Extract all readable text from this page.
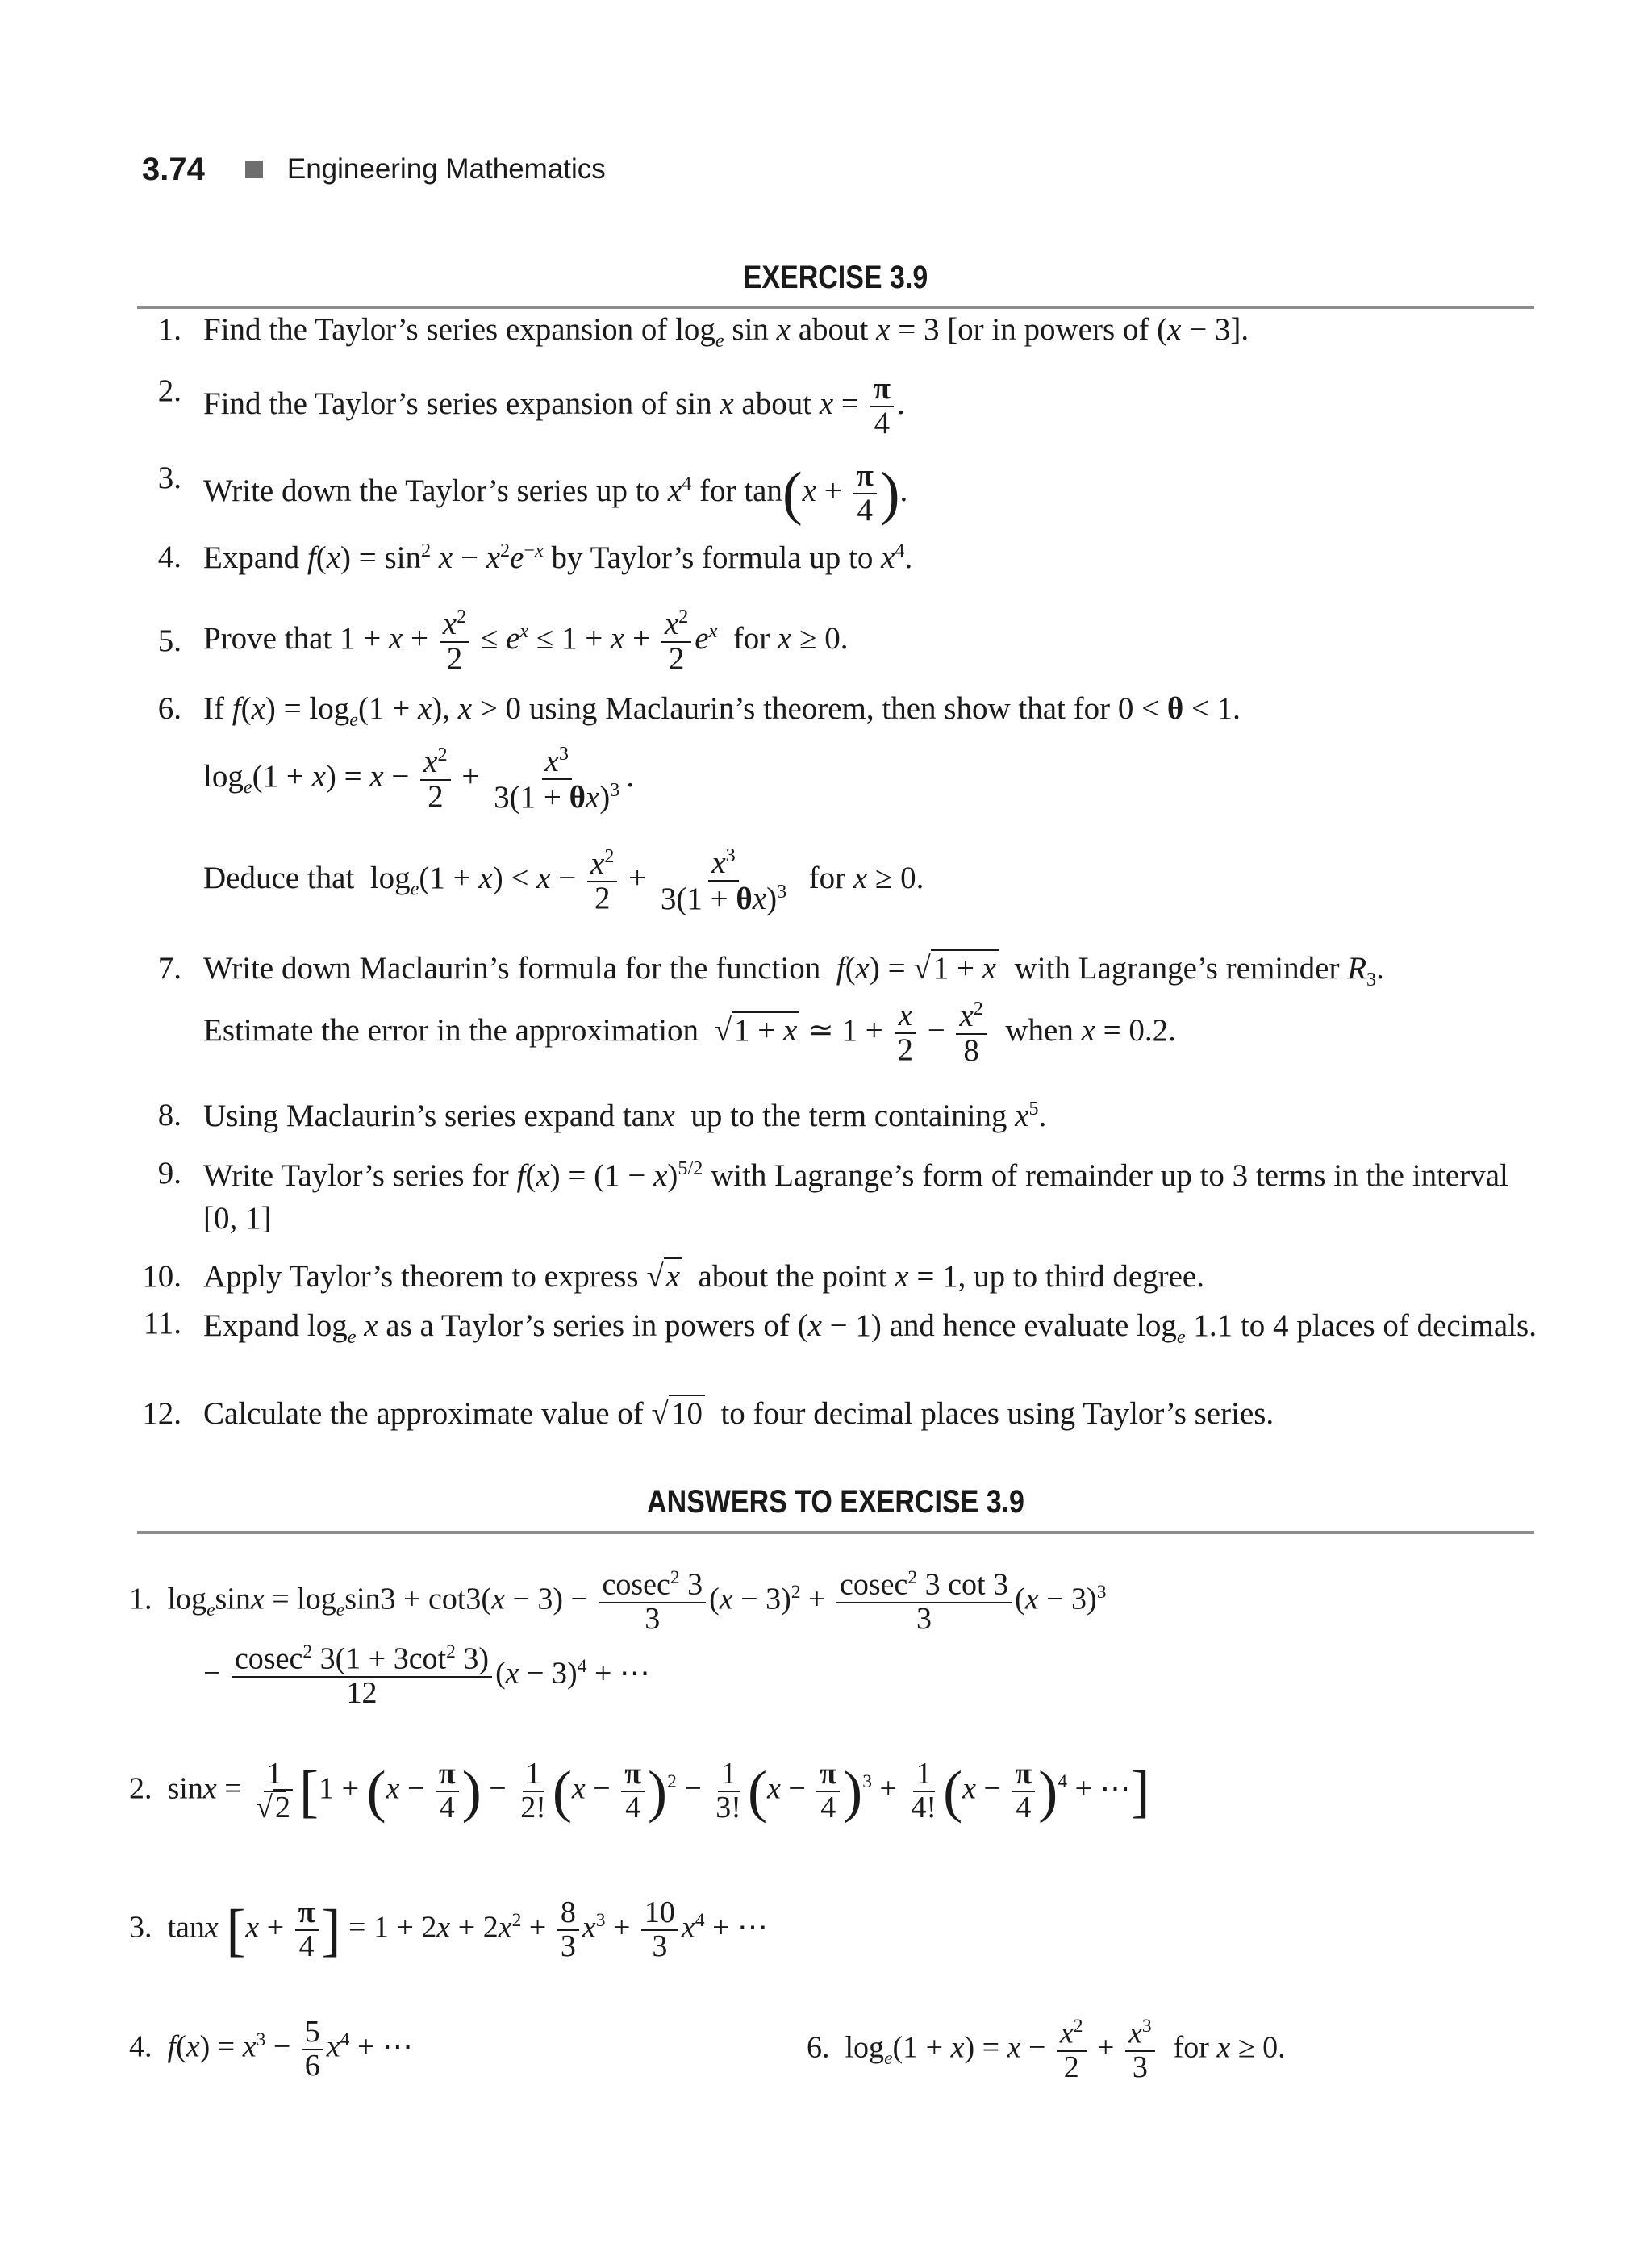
3.74	Engineering Mathematics
EXERCISE 3.9
1. Find the Taylor’s series expansion of $\log_e \sin x$ about x = 3 [or in powers of (x − 3].
2. Find the Taylor’s series expansion of sin x about $x = \frac{\pi}{4}$ .
3. Write down the Taylor’s series up to $x^4$ for $\tan(x + \frac{\pi}{4}$ ).
4. Expand $f(x) = \sin^2 x - x^2e^{-x}$ by Taylor’s formula up to $x^4$.
5. Prove that $1 + x + \frac{x^2}{2} \le e^x \le 1 + x + \frac{x^2}{2} e^x$ for x ≥ 0.
6. If $f(x) = \log_e(1 + x)$, x > 0 using Maclaurin’s theorem, then show that for 0 < θ < 1.
$\log_e(1 + x) = x - \frac{x^2}{2} + \frac{x^3}{3(1 + \theta x)^3}$ .
Deduce that  $\log_e(1 + x) < x - \frac{x^2}{2} + \frac{x^3}{3(1 + \theta x)^3}$ for x ≥ 0.
7. Write down Maclaurin’s formula for the function f(x) = √1 + x with Lagrange’s reminder $R_3$.
Estimate the error in the approximation  √1 + x ≃ $1 + \frac{x}{2} - \frac{x^2}{8}$ when x = 0.2.
8. Using Maclaurin’s series expand tanx up to the term containing $x^5$.
9. Write Taylor’s series for $f(x) = (1 - x)^{5/2}$ with Lagrange’s form of remainder up to 3 terms in the interval [0, 1]
10. Apply Taylor’s theorem to express √x about the point x = 1, up to third degree.
11. Expand $\log_e x$ as a Taylor’s series in powers of (x − 1) and hence evaluate $\log_e 1.1$ to 4 places of decimals.
12. Calculate the approximate value of √10 to four decimal places using Taylor’s series.
ANSWERS TO EXERCISE 3.9
1.  $\log_e\sin x = \log_e\sin 3 + \cot 3(x - 3) - \frac{cosec^2 3}{3} (x - 3)^2 + \frac{cosec^2 3 \cot 3}{3} (x - 3)^3$
− $\frac{cosec^2 3(1 + 3\cot^2 3)}{12} (x - 3)^4$ + ⋯
2.  $\sin x = \frac{1}{√2} [1 + (x - \frac{\pi}{4}$ ) − $\frac{1}{2!} (x - \frac{\pi}{4} )^2 - \frac{1}{3!} (x - \frac{\pi}{4} )^3 + \frac{1}{4!} (x - \frac{\pi}{4} )^4$ + ⋯]
3.  tanx [$x + \frac{\pi}{4}$ ] = $1 + 2x + 2x^2 + \frac{8}{3} x^3 + \frac{10}{3} x^4$ + ⋯
4.  $f(x) = x^3 - \frac{5}{6} x^4$ + ⋯	6.  $\log_e(1 + x) = x - \frac{x^2}{2} + \frac{x^3}{3}$ for x ≥ 0.
